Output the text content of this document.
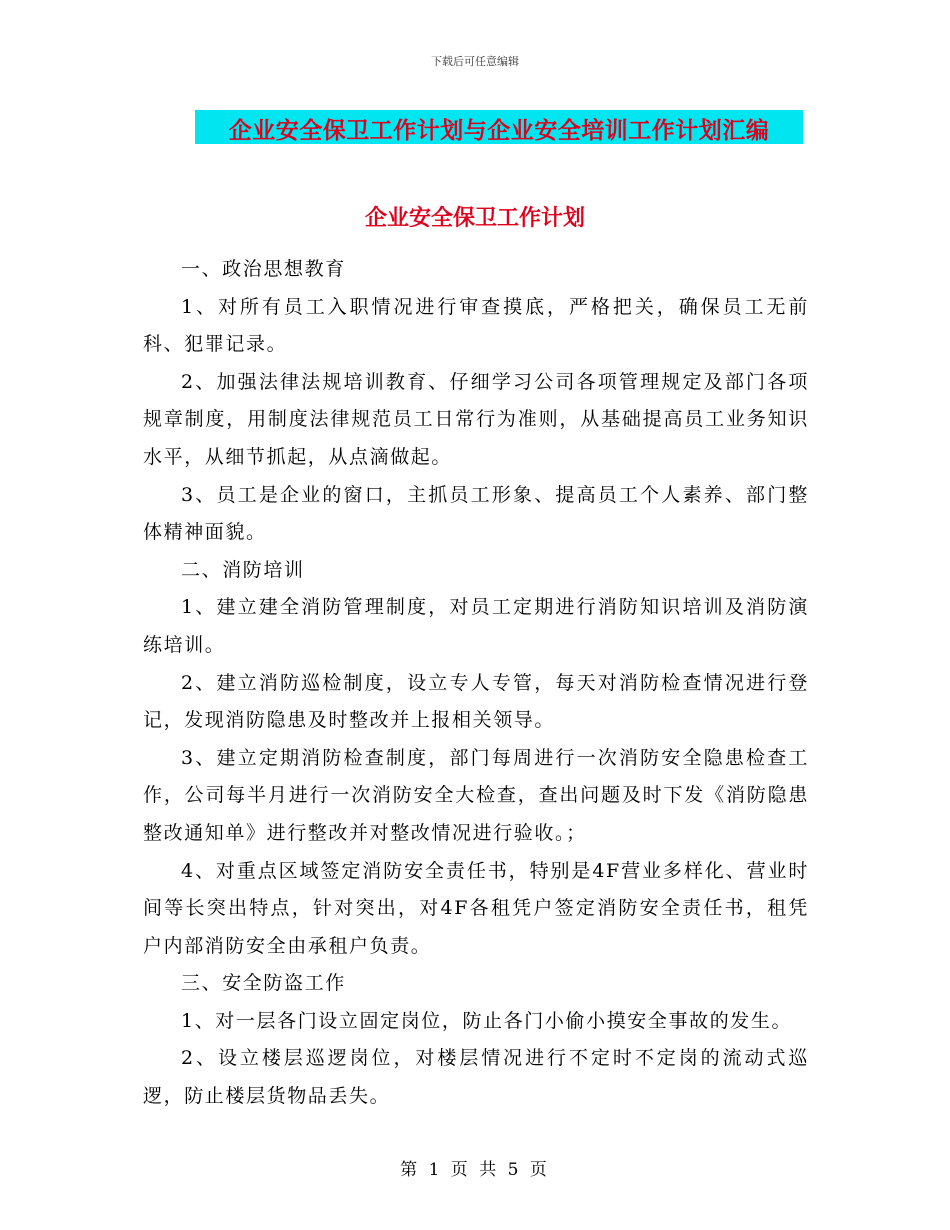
下载后可任意编辑
企业安全保卫工作计划与企业安全培训工作计划汇编
企业安全保卫工作计划

一、政治思想教育

1、对所有员工入职情况进行审查摸底，严格把关，确保员工无前科、犯罪记录。

2、加强法律法规培训教育、仔细学习公司各项管理规定及部门各项规章制度，用制度法律规范员工日常行为准则，从基础提高员工业务知识水平，从细节抓起，从点滴做起。

3、员工是企业的窗口，主抓员工形象、提高员工个人素养、部门整体精神面貌。

二、消防培训

1、建立建全消防管理制度，对员工定期进行消防知识培训及消防演练培训。

2、建立消防巡检制度，设立专人专管，每天对消防检查情况进行登记，发现消防隐患及时整改并上报相关领导。

3、建立定期消防检查制度，部门每周进行一次消防安全隐患检查工作，公司每半月进行一次消防安全大检查，查出问题及时下发《消防隐患整改通知单》进行整改并对整改情况进行验收。；

4、对重点区域签定消防安全责任书，特别是4F营业多样化、营业时间等长突出特点，针对突出，对4F各租凭户签定消防安全责任书，租凭户内部消防安全由承租户负责。

三、安全防盗工作

1、对一层各门设立固定岗位，防止各门小偷小摸安全事故的发生。

2、设立楼层巡逻岗位，对楼层情况进行不定时不定岗的流动式巡逻，防止楼层货物品丢失。

第 1 页 共 5 页
